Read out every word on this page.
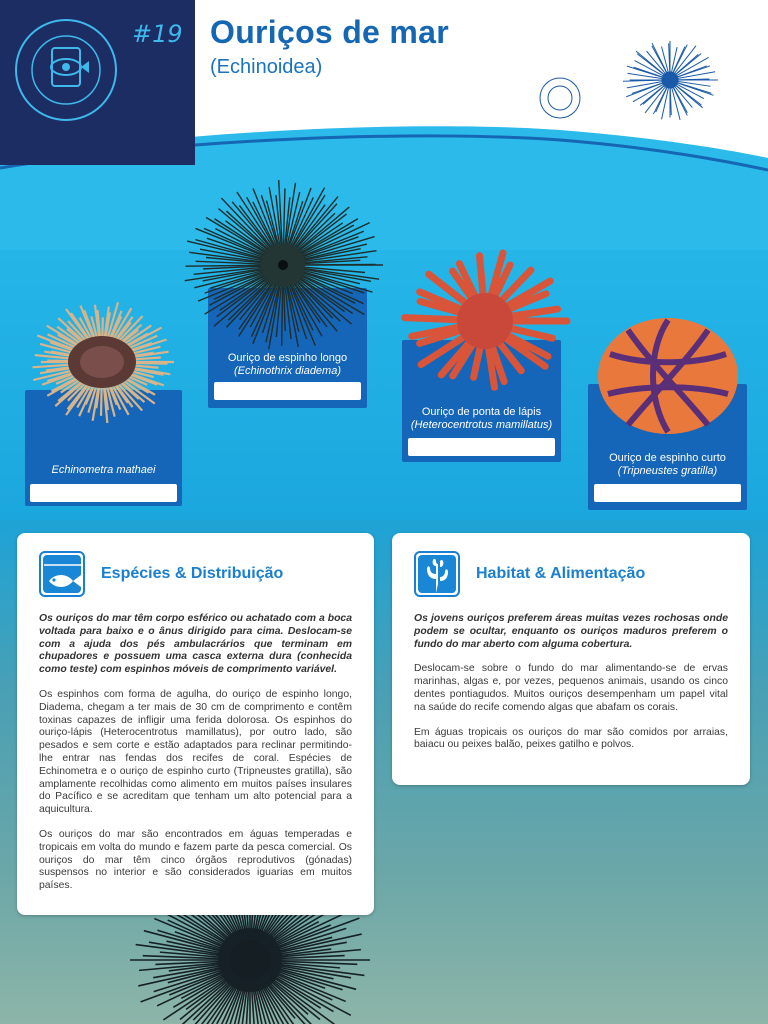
#19 Ouriços de mar
(Echinoidea)
Echinometra mathaei
Ouriço de espinho longo
(Echinothrix diadema)
Ouriço de ponta de lápis
(Heterocentrotus mamillatus)
Ouriço de espinho curto
(Tripneustes gratilla)
Espécies & Distribuição

Os ouriços do mar têm corpo esférico ou achatado com a boca voltada para baixo e o ânus dirigido para cima. Deslocam-se com a ajuda dos pés ambulacrários que terminam em chupadores e possuem uma casca externa dura (conhecida como teste) com espinhos móveis de comprimento variável.

Os espinhos com forma de agulha, do ouriço de espinho longo, Diadema, chegam a ter mais de 30 cm de comprimento e contêm toxinas capazes de infligir uma ferida dolorosa. Os espinhos do ouriço-lápis (Heterocentrotus mamillatus), por outro lado, são pesados e sem corte e estão adaptados para reclinar permitindo-lhe entrar nas fendas dos recifes de coral. Espécies de Echinometra e o ouriço de espinho curto (Tripneustes gratilla), são amplamente recolhidas como alimento em muitos países insulares do Pacífico e se acreditam que tenham um alto potencial para a aquicultura.

Os ouriços do mar são encontrados em águas temperadas e tropicais em volta do mundo e fazem parte da pesca comercial. Os ouriços do mar têm cinco órgãos reprodutivos (gónadas) suspensos no interior e são considerados iguarias em muitos países.

Habitat & Alimentação

Os jovens ouriços preferem áreas muitas vezes rochosas onde podem se ocultar, enquanto os ouriços maduros preferem o fundo do mar aberto com alguma cobertura.

Deslocam-se sobre o fundo do mar alimentando-se de ervas marinhas, algas e, por vezes, pequenos animais, usando os cinco dentes pontiagudos. Muitos ouriços desempenham um papel vital na saúde do recife comendo algas que abafam os corais.

Em águas tropicais os ouriços do mar são comidos por arraias, baiacu ou peixes balão, peixes gatilho e polvos.
